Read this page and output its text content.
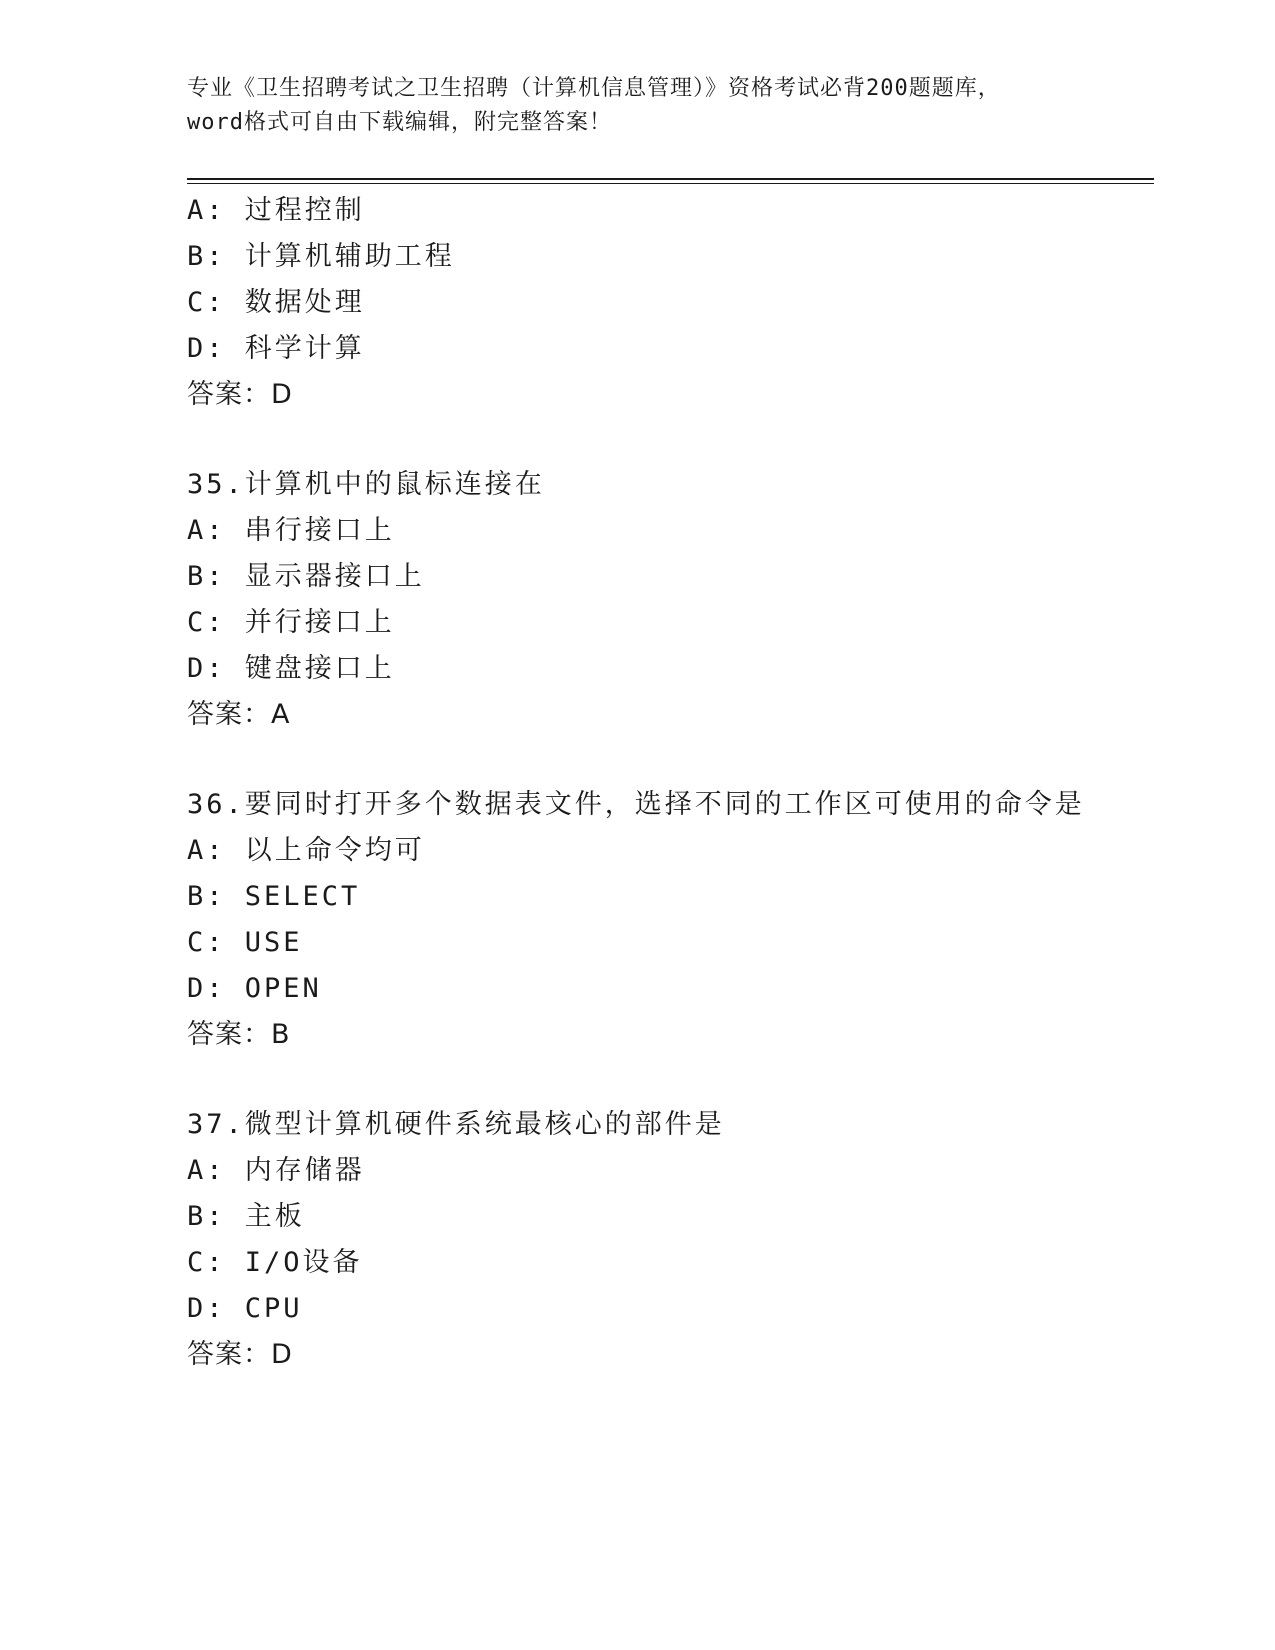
专业《卫生招聘考试之卫生招聘（计算机信息管理）》资格考试必背200题题库，

word格式可自由下载编辑，附完整答案！

A: 过程控制
B: 计算机辅助工程
C: 数据处理
D: 科学计算
答案：D
35.计算机中的鼠标连接在
A: 串行接口上
B: 显示器接口上
C: 并行接口上
D: 键盘接口上
答案：A
36.要同时打开多个数据表文件，选择不同的工作区可使用的命令是
A: 以上命令均可
B: SELECT
C: USE
D: OPEN
答案：B
37.微型计算机硬件系统最核心的部件是
A: 内存储器
B: 主板
C: I/O设备
D: CPU
答案：D
